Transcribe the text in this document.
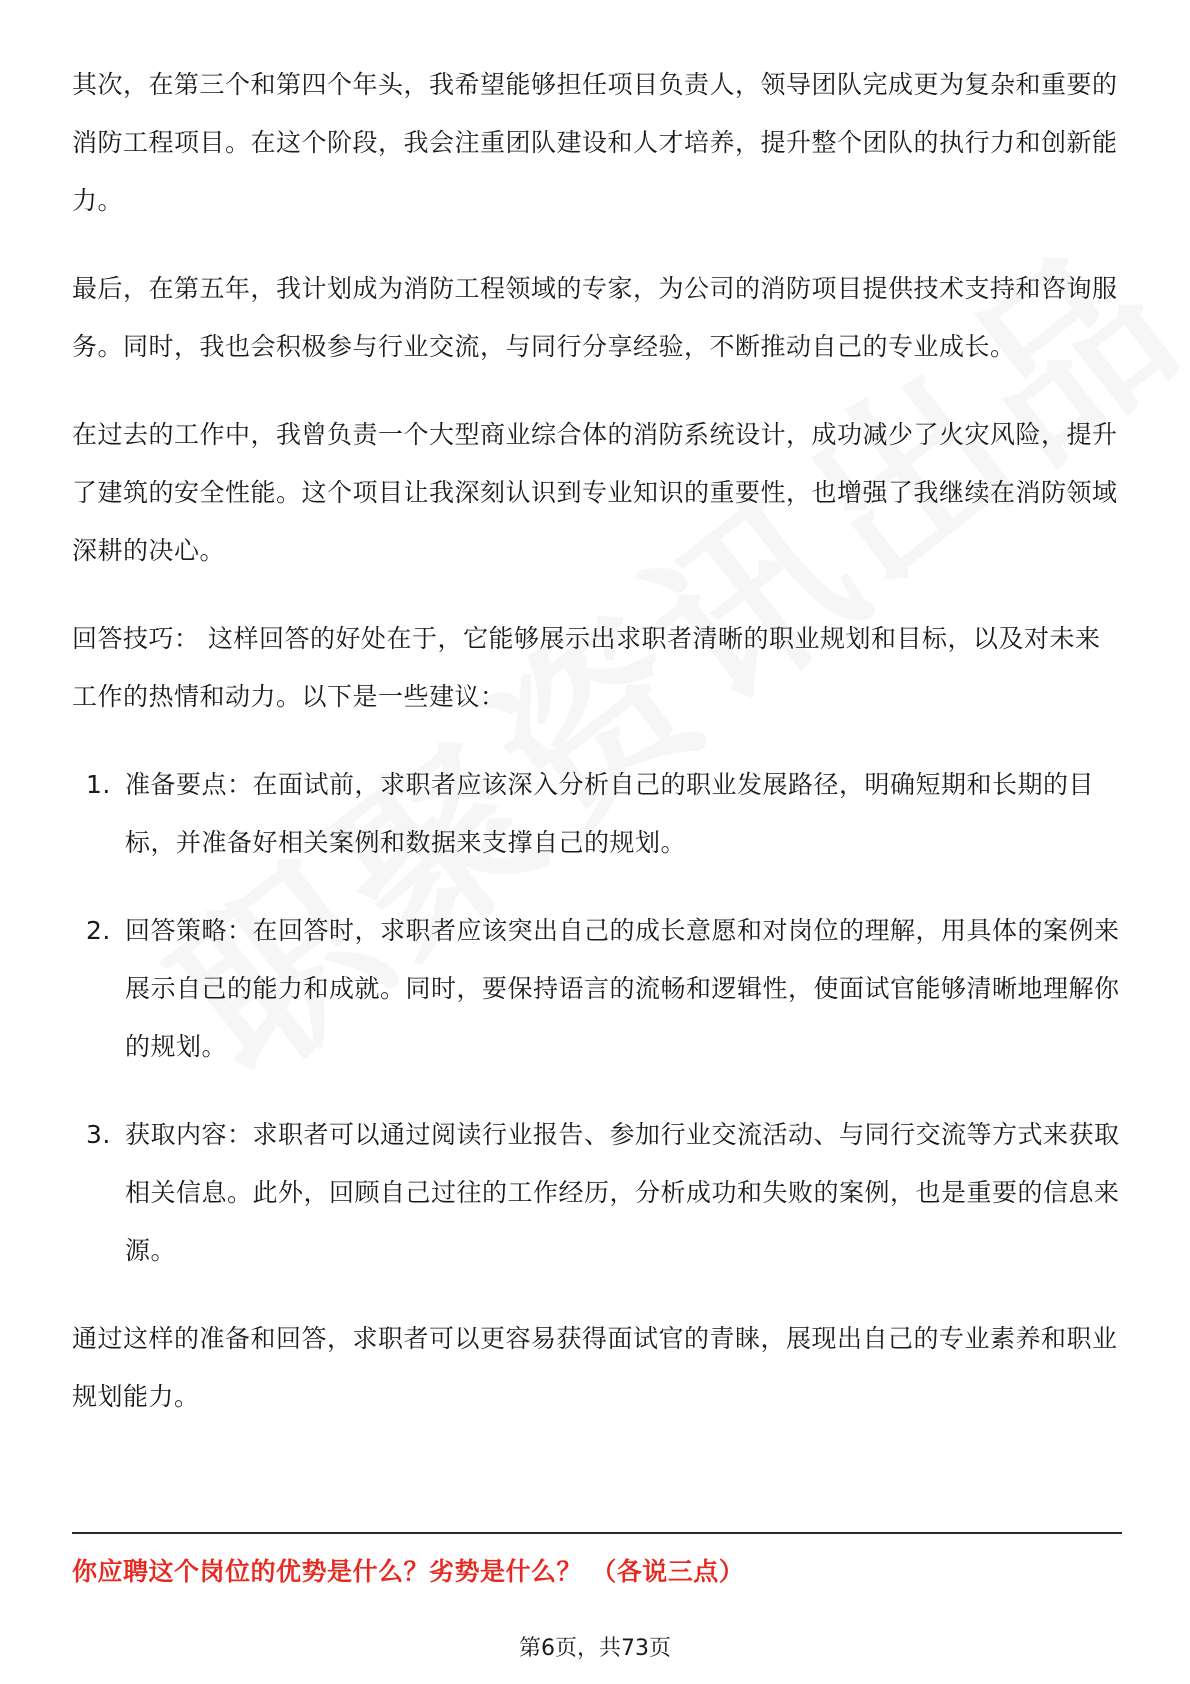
其次，在第三个和第四个年头，我希望能够担任项目负责人，领导团队完成更为复杂和重要的消防工程项目。在这个阶段，我会注重团队建设和人才培养，提升整个团队的执行力和创新能力。

最后，在第五年，我计划成为消防工程领域的专家，为公司的消防项目提供技术支持和咨询服务。同时，我也会积极参与行业交流，与同行分享经验，不断推动自己的专业成长。

在过去的工作中，我曾负责一个大型商业综合体的消防系统设计，成功减少了火灾风险，提升了建筑的安全性能。这个项目让我深刻认识到专业知识的重要性，也增强了我继续在消防领域深耕的决心。

回答技巧： 这样回答的好处在于，它能够展示出求职者清晰的职业规划和目标，以及对未来工作的热情和动力。以下是一些建议：

1. 准备要点：在面试前，求职者应该深入分析自己的职业发展路径，明确短期和长期的目标，并准备好相关案例和数据来支撑自己的规划。
2. 回答策略：在回答时，求职者应该突出自己的成长意愿和对岗位的理解，用具体的案例来展示自己的能力和成就。同时，要保持语言的流畅和逻辑性，使面试官能够清晰地理解你的规划。
3. 获取内容：求职者可以通过阅读行业报告、参加行业交流活动、与同行交流等方式来获取相关信息。此外，回顾自己过往的工作经历，分析成功和失败的案例，也是重要的信息来源。

通过这样的准备和回答，求职者可以更容易获得面试官的青睐，展现出自己的专业素养和职业规划能力。

你应聘这个岗位的优势是什么？劣势是什么？ （各说三点）
第6页，共73页
